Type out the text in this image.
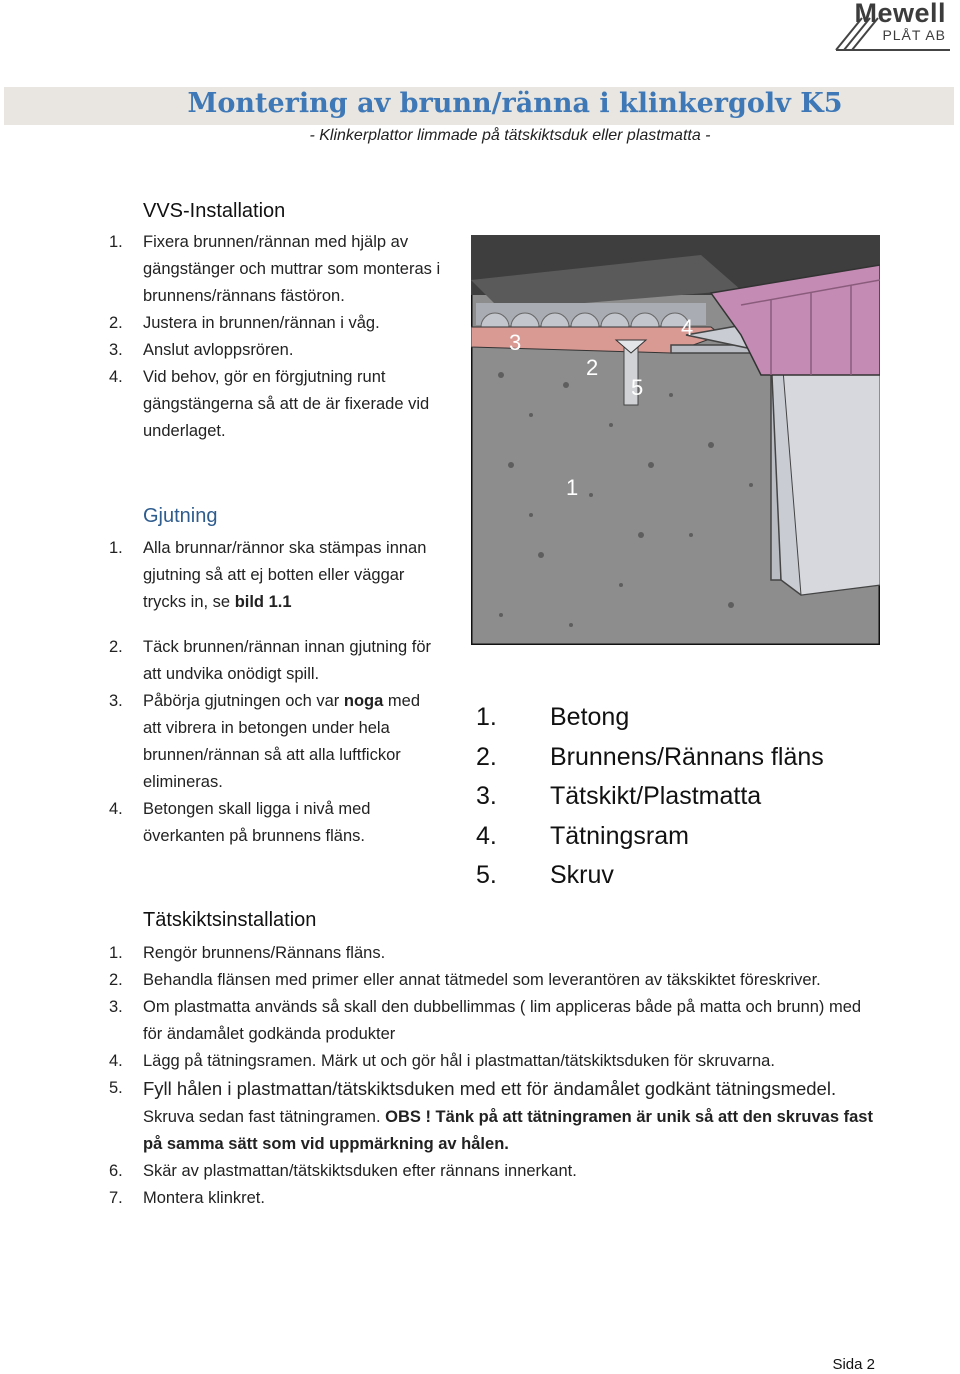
Mewell
PLÅT AB
Montering av brunn/ränna i klinkergolv K5
- Klinkerplattor limmade på tätskiktsduk eller plastmatta -
VVS-Installation
1. Fixera brunnen/rännan med hjälp av gängstänger och muttrar som monteras i brunnens/rännans fästöron.
2. Justera in brunnen/rännan i våg.
3. Anslut avloppsrören.
4. Vid behov, gör en förgjutning runt gängstängerna så att de är fixerade vid underlaget.
Gjutning
1. Alla brunnar/rännor ska stämpas innan gjutning så att ej botten eller väggar trycks in, se bild 1.1
2. Täck brunnen/rännan innan gjutning för att undvika onödigt spill.
3. Påbörja gjutningen och var noga med att vibrera in betongen under hela brunnen/rännan så att alla luftfickor elimineras.
4. Betongen skall ligga i nivå med överkanten på brunnens fläns.
1
2
3
4
5
1. Betong
2. Brunnens/Rännans fläns
3. Tätskikt/Plastmatta
4. Tätningsram
5. Skruv
Tätskiktsinstallation
1. Rengör brunnens/Rännans fläns.
2. Behandla flänsen med primer eller annat tätmedel som leverantören av täkskiktet föreskriver.
3. Om plastmatta används så skall den dubbellimmas ( lim appliceras både på matta och brunn) med för ändamålet godkända produkter
4. Lägg på tätningsramen. Märk ut och gör hål i plastmattan/tätskiktsduken för skruvarna.
5. Fyll hålen i plastmattan/tätskiktsduken med ett för ändamålet godkänt tätningsmedel. Skruva sedan fast tätningramen. OBS ! Tänk på att tätningramen är unik så att den skruvas fast på samma sätt som vid uppmärkning av hålen.
6. Skär av plastmattan/tätskiktsduken efter rännans innerkant.
7. Montera klinkret.
Sida 2
